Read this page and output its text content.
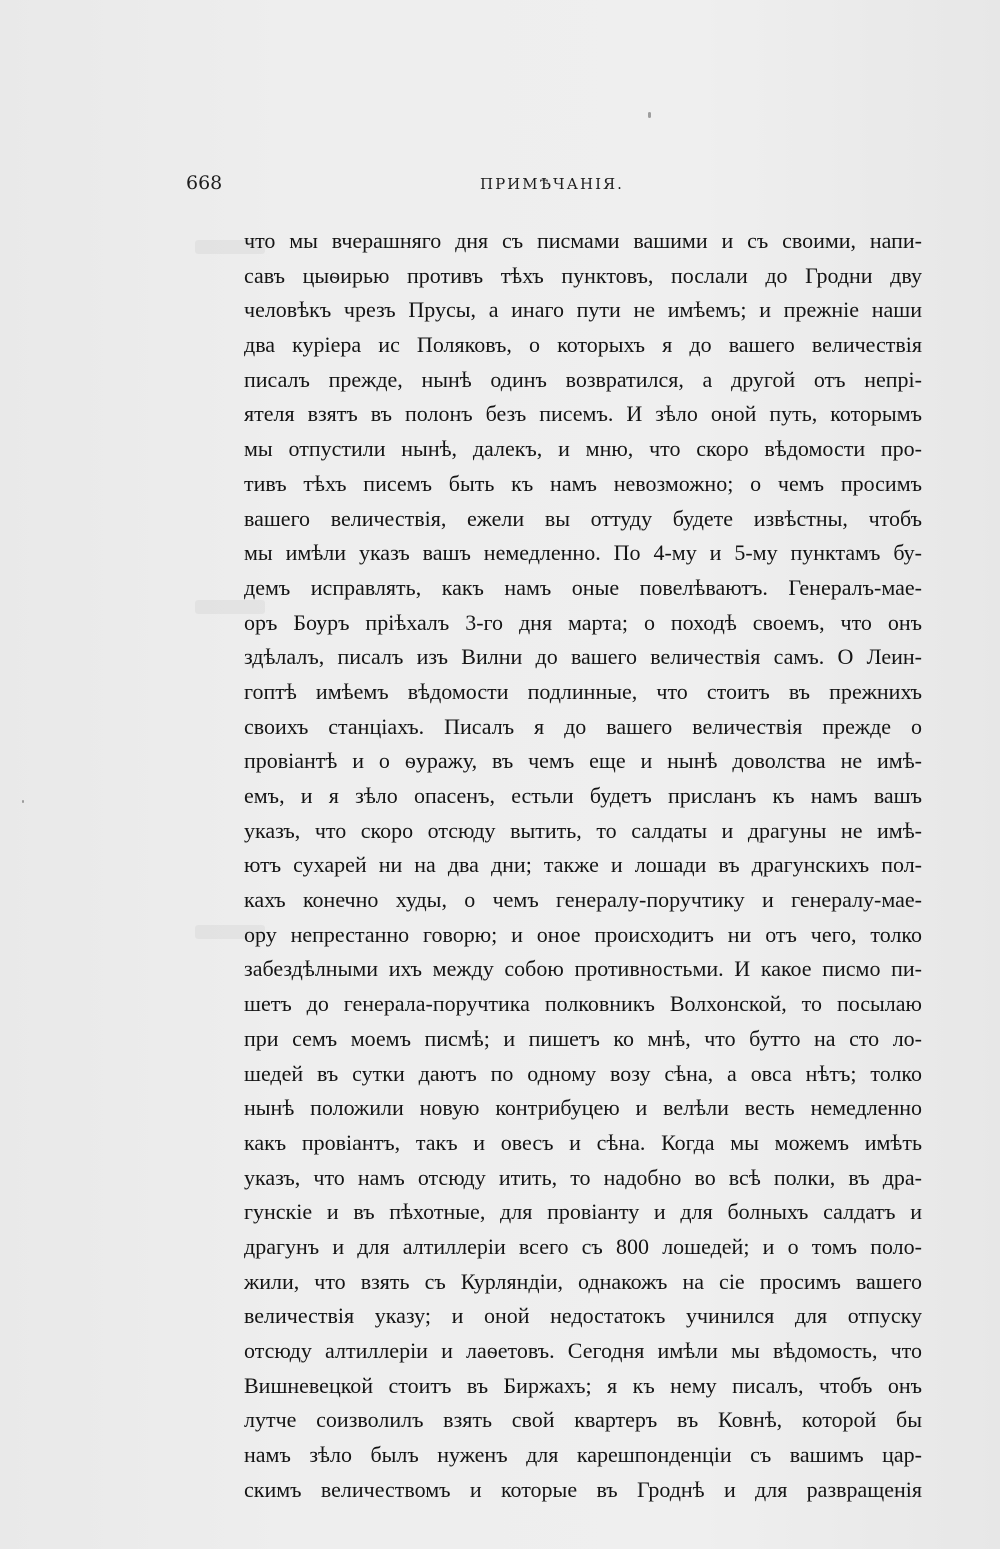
668	ПРИМѢЧАНІЯ.
что мы вчерашняго дня съ писмами вашими и съ своими, напи-
савъ цыѳирью противъ тѣхъ пунктовъ, послали до Гродни дву
человѣкъ чрезъ Прусы, а инаго пути не имѣемъ; и прежніе наши
два куріера ис Поляковъ, о которыхъ я до вашего величествія
писалъ прежде, нынѣ одинъ возвратился, а другой отъ непрі-
ятеля взятъ въ полонъ безъ писемъ. И зѣло оной путь, которымъ
мы отпустили нынѣ, далекъ, и мню, что скоро вѣдомости про-
тивъ тѣхъ писемъ быть къ намъ невозможно; о чемъ просимъ
вашего величествія, ежели вы оттуду будете извѣстны, чтобъ
мы имѣли указъ вашъ немедленно. По 4-му и 5-му пунктамъ бу-
демъ исправлять, какъ намъ оные повелѣваютъ. Генералъ-мае-
оръ Боуръ пріѣхалъ 3-го дня марта; о походѣ своемъ, что онъ
здѣлалъ, писалъ изъ Вилни до вашего величествія самъ. О Леин-
гоптѣ имѣемъ вѣдомости подлинные, что стоитъ въ прежнихъ
своихъ станціахъ. Писалъ я до вашего величествія прежде о
провіантѣ и о ѳуражу, въ чемъ еще и нынѣ доволства не имѣ-
емъ, и я зѣло опасенъ, естьли будетъ присланъ къ намъ вашъ
указъ, что скоро отсюду вытить, то салдаты и драгуны не имѣ-
ютъ сухарей ни на два дни; также и лошади въ драгунскихъ пол-
кахъ конечно худы, о чемъ генералу-поручтику и генералу-мае-
ору непрестанно говорю; и оное происходитъ ни отъ чего, толко
забездѣлными ихъ между собою противностьми. И какое писмо пи-
шетъ до генерала-поручтика полковникъ Волхонской, то посылаю
при семъ моемъ писмѣ; и пишетъ ко мнѣ, что бутто на сто ло-
шедей въ сутки даютъ по одному возу сѣна, а овса нѣтъ; толко
нынѣ положили новую контрибуцею и велѣли весть немедленно
какъ провіантъ, такъ и овесъ и сѣна. Когда мы можемъ имѣть
указъ, что намъ отсюду итить, то надобно во всѣ полки, въ дра-
гунскіе и въ пѣхотные, для провіанту и для болныхъ салдатъ и
драгунъ и для алтиллеріи всего съ 800 лошедей; и о томъ поло-
жили, что взять съ Курляндіи, однакожъ на сіе просимъ вашего
величествія указу; и оной недостатокъ учинился для отпуску
отсюду алтиллеріи и лаѳетовъ. Сегодня имѣли мы вѣдомость, что
Вишневецкой стоитъ въ Биржахъ; я къ нему писалъ, чтобъ онъ
лутче соизволилъ взять свой квартеръ въ Ковнѣ, которой бы
намъ зѣло былъ нуженъ для карешпонденціи съ вашимъ цар-
скимъ величествомъ и которые въ Гроднѣ и для развращенія
